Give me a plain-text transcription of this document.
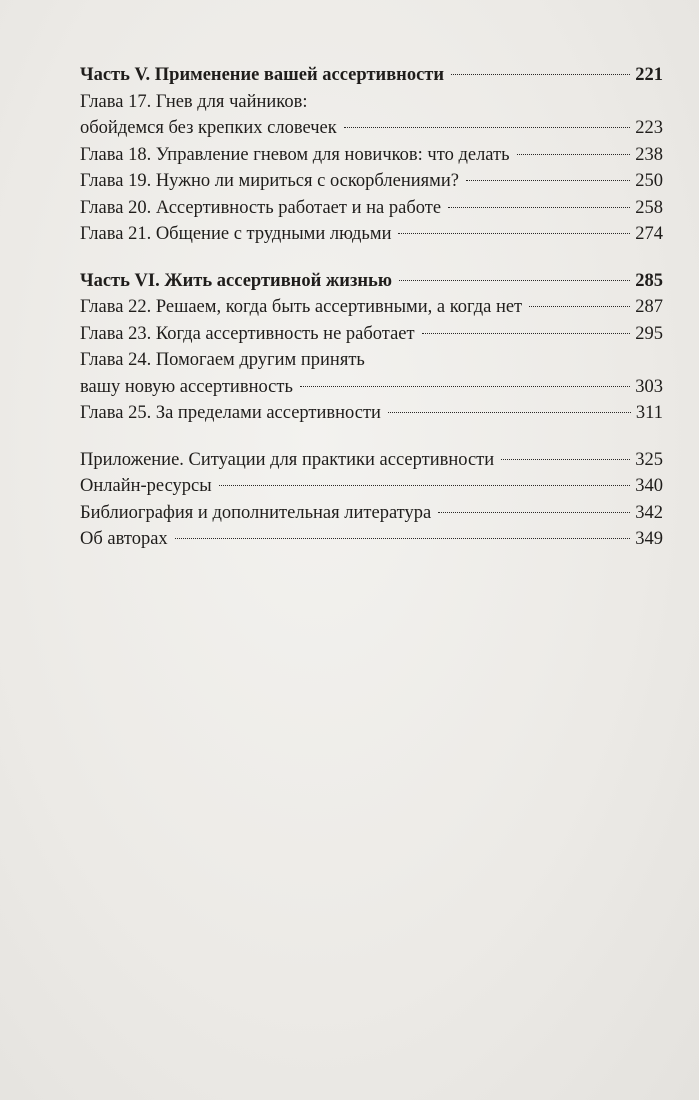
Часть V. Применение вашей ассертивности	221
Глава 17. Гнев для чайников:
обойдемся без крепких словечек	223
Глава 18. Управление гневом для новичков: что делать	238
Глава 19. Нужно ли мириться с оскорблениями?	250
Глава 20. Ассертивность работает и на работе	258
Глава 21. Общение с трудными людьми	274
Часть VI. Жить ассертивной жизнью	285
Глава 22. Решаем, когда быть ассертивными, а когда нет	287
Глава 23. Когда ассертивность не работает	295
Глава 24. Помогаем другим принять
вашу новую ассертивность	303
Глава 25. За пределами ассертивности	311
Приложение. Ситуации для практики ассертивности	325
Онлайн-ресурсы	340
Библиография и дополнительная литература	342
Об авторах	349
